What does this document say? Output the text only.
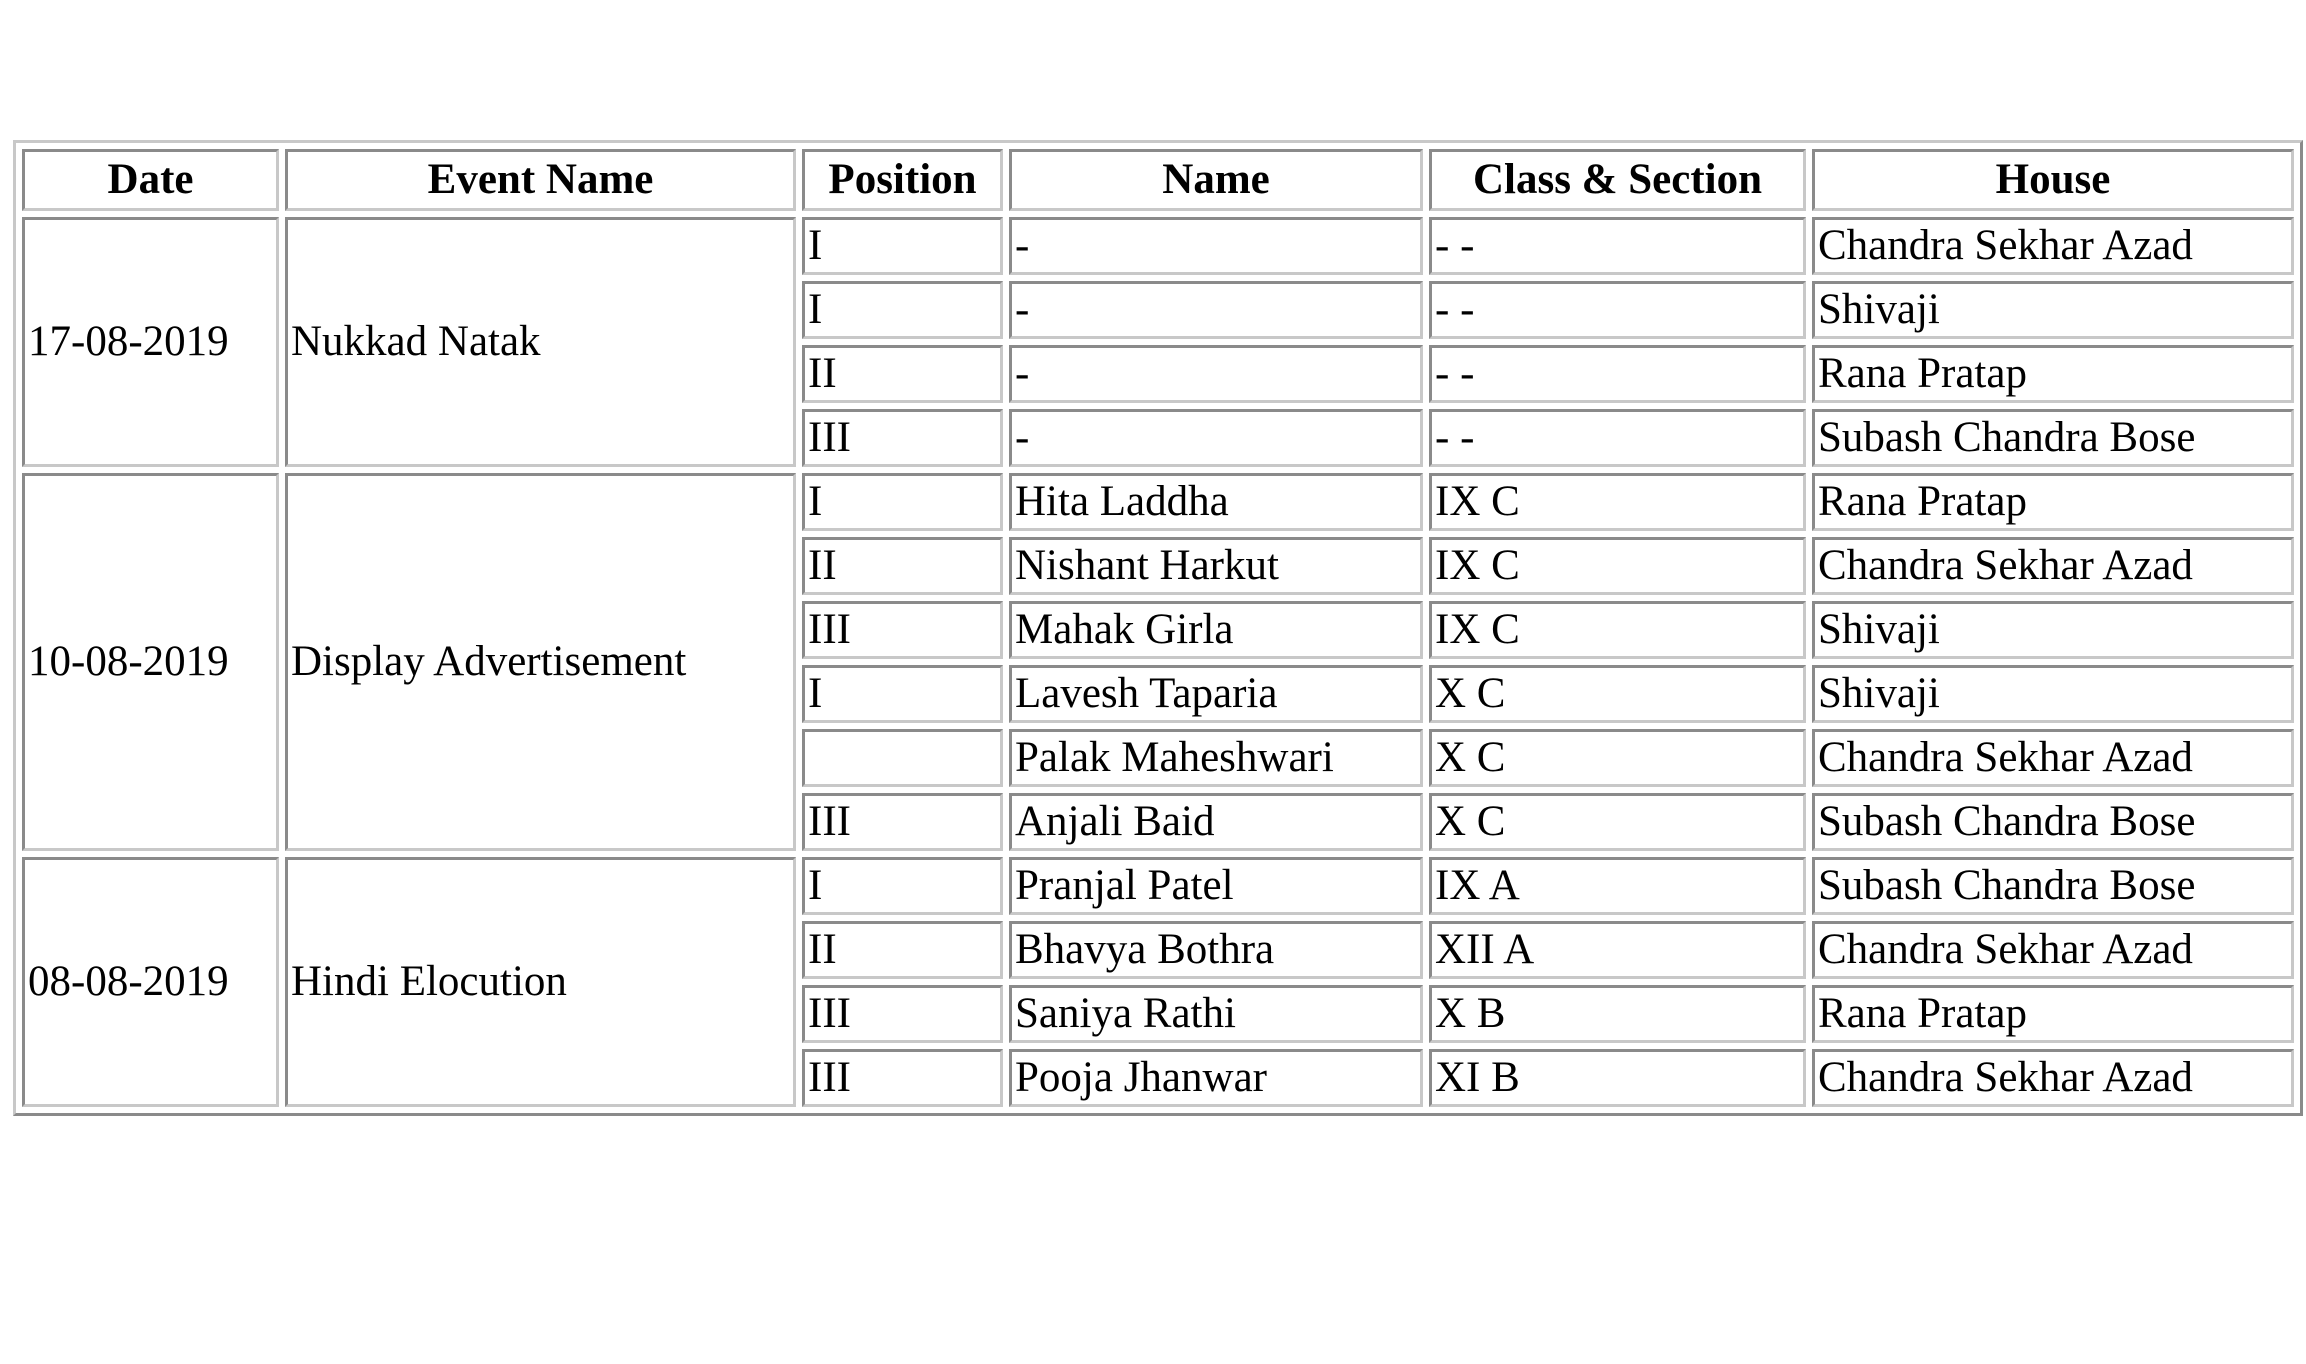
Date	Event Name	Position	Name	Class & Section	House
17-08-2019	Nukkad Natak	I	-	- -	Chandra Sekhar Azad
		I	-	- -	Shivaji
		II	-	- -	Rana Pratap
		III	-	- -	Subash Chandra Bose
10-08-2019	Display Advertisement	I	Hita Laddha	IX C	Rana Pratap
		II	Nishant Harkut	IX C	Chandra Sekhar Azad
		III	Mahak Girla	IX C	Shivaji
		I	Lavesh Taparia	X C	Shivaji
			Palak Maheshwari	X C	Chandra Sekhar Azad
		III	Anjali Baid	X C	Subash Chandra Bose
08-08-2019	Hindi Elocution	I	Pranjal Patel	IX A	Subash Chandra Bose
		II	Bhavya Bothra	XII A	Chandra Sekhar Azad
		III	Saniya Rathi	X B	Rana Pratap
		III	Pooja Jhanwar	XI B	Chandra Sekhar Azad
